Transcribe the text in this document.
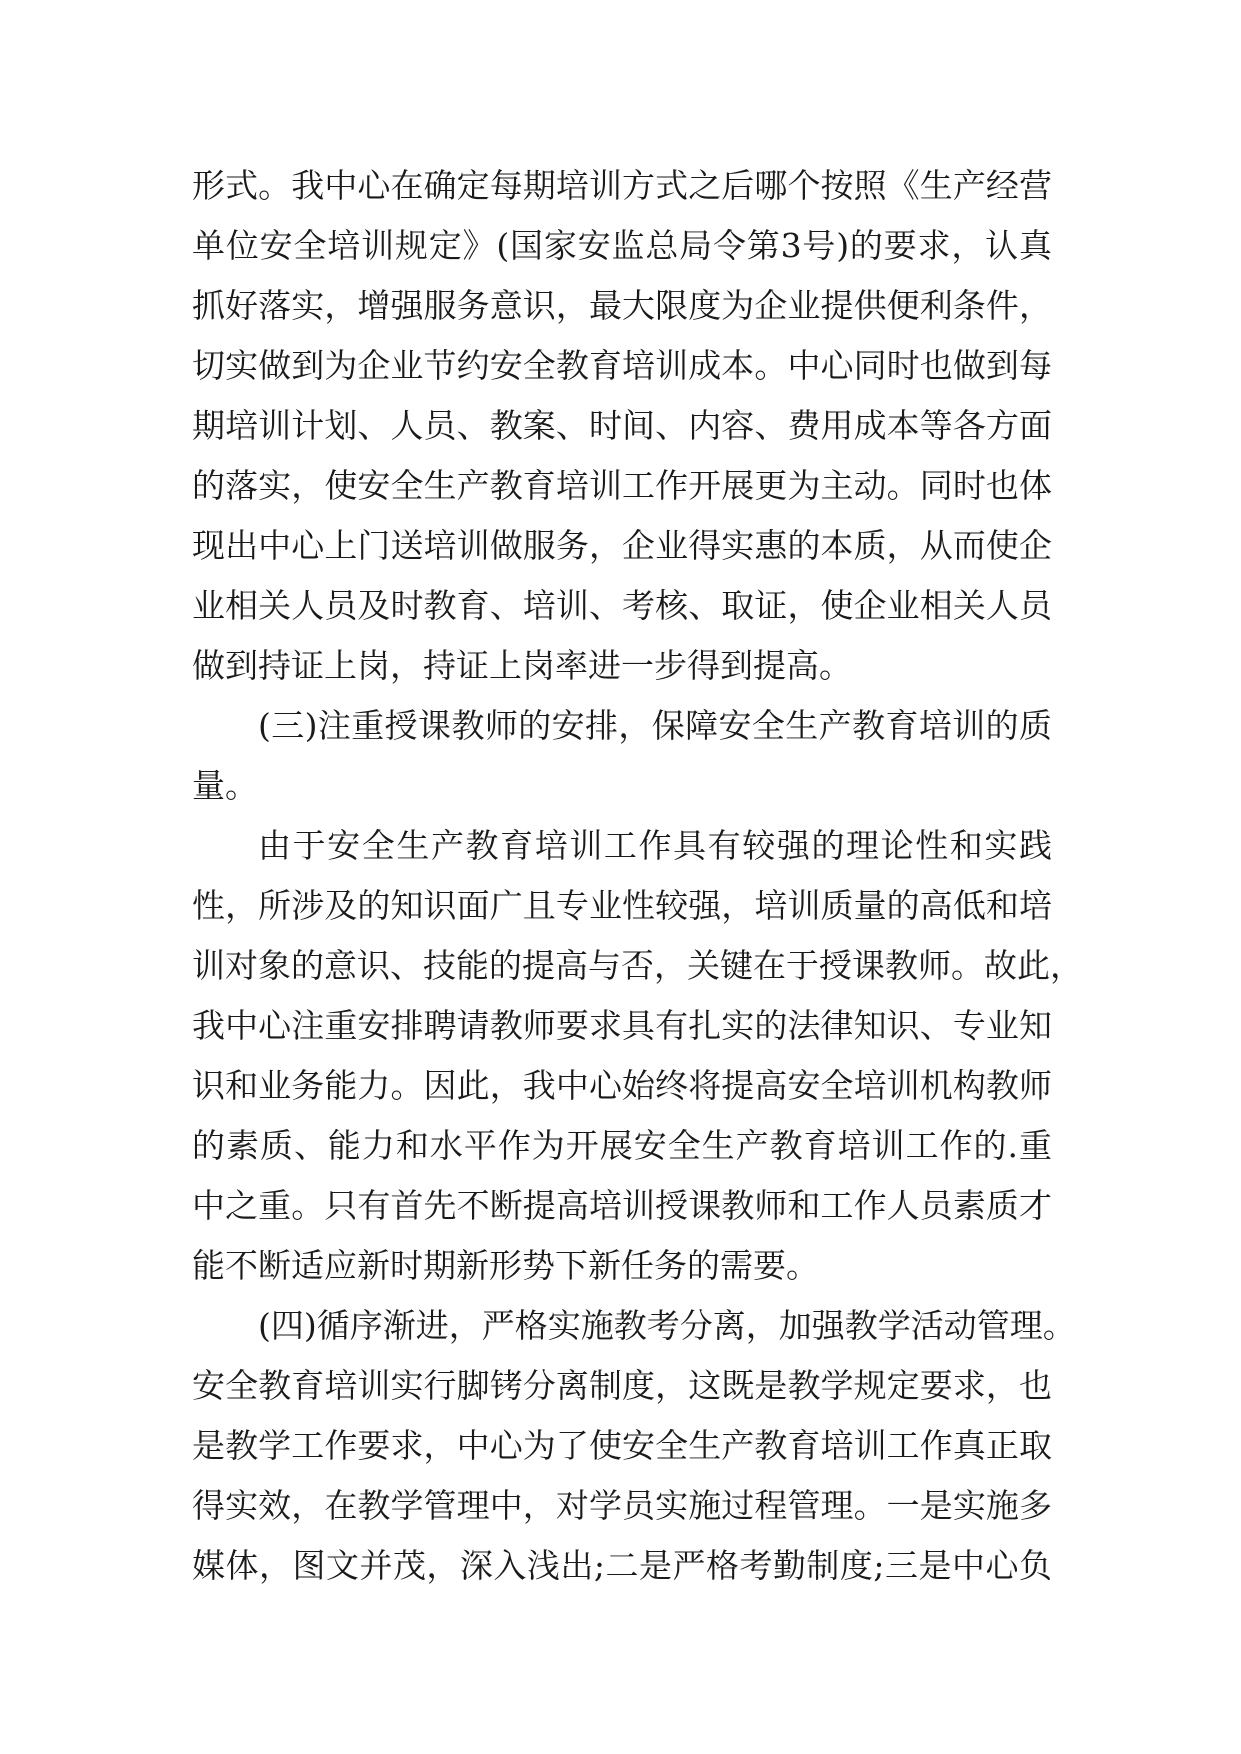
形式。我中心在确定每期培训方式之后哪个按照《生产经营
单位安全培训规定》(国家安监总局令第3号)的要求，认真
抓好落实，增强服务意识，最大限度为企业提供便利条件，
切实做到为企业节约安全教育培训成本。中心同时也做到每
期培训计划、人员、教案、时间、内容、费用成本等各方面
的落实，使安全生产教育培训工作开展更为主动。同时也体
现出中心上门送培训做服务，企业得实惠的本质，从而使企
业相关人员及时教育、培训、考核、取证，使企业相关人员
做到持证上岗，持证上岗率进一步得到提高。
(三)注重授课教师的安排，保障安全生产教育培训的质
量。
由于安全生产教育培训工作具有较强的理论性和实践
性，所涉及的知识面广且专业性较强，培训质量的高低和培
训对象的意识、技能的提高与否，关键在于授课教师。故此，
我中心注重安排聘请教师要求具有扎实的法律知识、专业知
识和业务能力。因此，我中心始终将提高安全培训机构教师
的素质、能力和水平作为开展安全生产教育培训工作的.重
中之重。只有首先不断提高培训授课教师和工作人员素质才
能不断适应新时期新形势下新任务的需要。
(四)循序渐进，严格实施教考分离，加强教学活动管理。
安全教育培训实行脚铐分离制度，这既是教学规定要求，也
是教学工作要求，中心为了使安全生产教育培训工作真正取
得实效，在教学管理中，对学员实施过程管理。一是实施多
媒体，图文并茂，深入浅出;二是严格考勤制度;三是中心负
